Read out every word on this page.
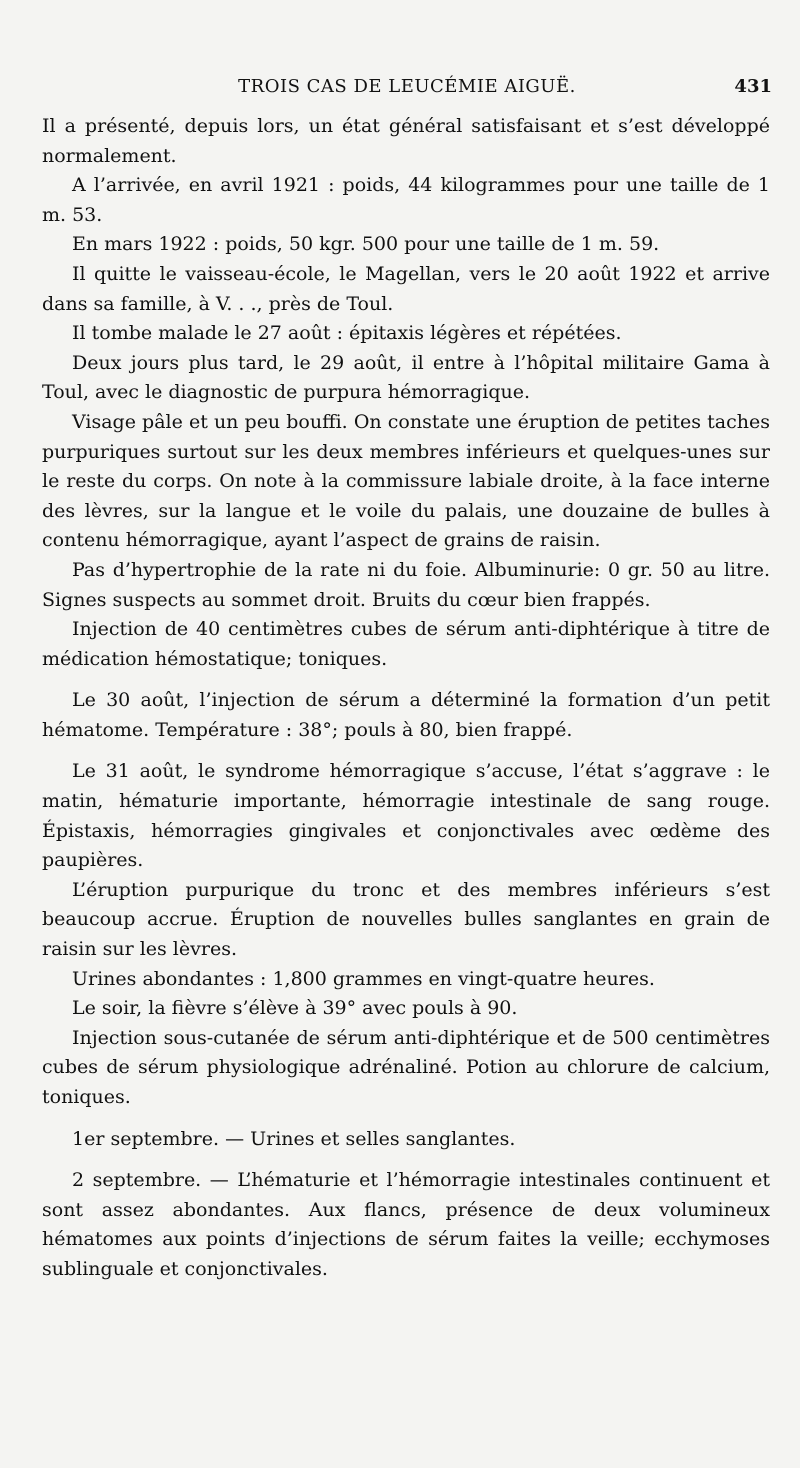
TROIS CAS DE LEUCÉMIE AIGUË.	431

Il a présenté, depuis lors, un état général satisfaisant et s’est développé normalement.

A l’arrivée, en avril 1921 : poids, 44 kilogrammes pour une taille de 1 m. 53.

En mars 1922 : poids, 50 kgr. 500 pour une taille de 1 m. 59.

Il quitte le vaisseau-école, le Magellan, vers le 20 août 1922 et arrive dans sa famille, à V. . ., près de Toul.

Il tombe malade le 27 août : épitaxis légères et répétées.

Deux jours plus tard, le 29 août, il entre à l’hôpital militaire Gama à Toul, avec le diagnostic de purpura hémorragique.

Visage pâle et un peu bouffi. On constate une éruption de petites taches purpuriques surtout sur les deux membres inférieurs et quelques-unes sur le reste du corps. On note à la commissure labiale droite, à la face interne des lèvres, sur la langue et le voile du palais, une douzaine de bulles à contenu hémorragique, ayant l’aspect de grains de raisin.

Pas d’hypertrophie de la rate ni du foie. Albuminurie: 0 gr. 50 au litre. Signes suspects au sommet droit. Bruits du cœur bien frappés.

Injection de 40 centimètres cubes de sérum anti-diphtérique à titre de médication hémostatique; toniques.

Le 30 août, l’injection de sérum a déterminé la formation d’un petit hématome. Température : 38°; pouls à 80, bien frappé.

Le 31 août, le syndrome hémorragique s’accuse, l’état s’aggrave : le matin, hématurie importante, hémorragie intestinale de sang rouge. Épistaxis, hémorragies gingivales et conjonctivales avec œdème des paupières.

L’éruption purpurique du tronc et des membres inférieurs s’est beaucoup accrue. Éruption de nouvelles bulles sanglantes en grain de raisin sur les lèvres.

Urines abondantes : 1,800 grammes en vingt-quatre heures.

Le soir, la fièvre s’élève à 39° avec pouls à 90.

Injection sous-cutanée de sérum anti-diphtérique et de 500 centimètres cubes de sérum physiologique adrénaliné. Potion au chlorure de calcium, toniques.

1er septembre. — Urines et selles sanglantes.

2 septembre. — L’hématurie et l’hémorragie intestinales continuent et sont assez abondantes. Aux flancs, présence de deux volumineux hématomes aux points d’injections de sérum faites la veille; ecchymoses sublinguale et conjonctivales.
